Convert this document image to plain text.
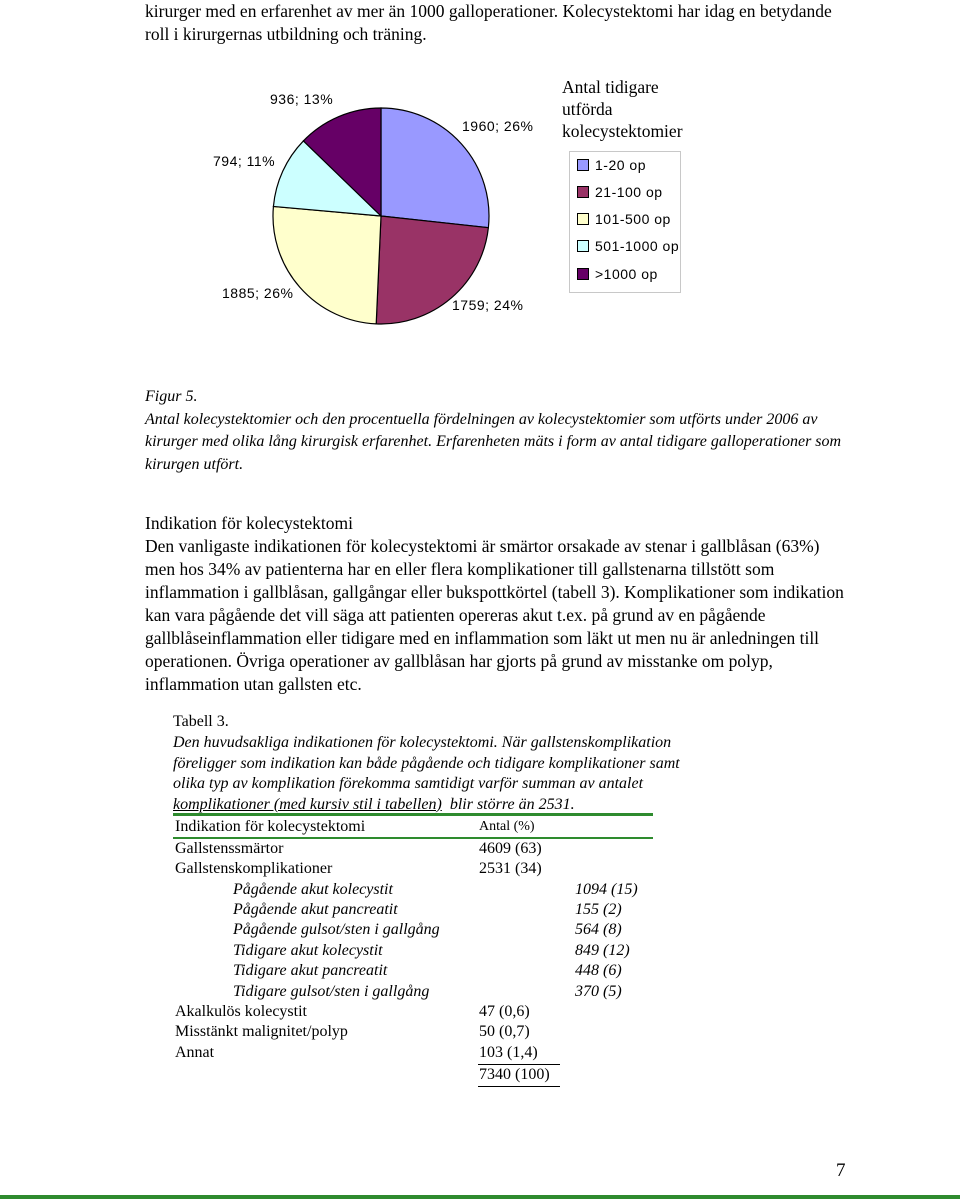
kirurger med en erfarenhet av mer än 1000 galloperationer. Kolecystektomi har idag en betydande roll i kirurgernas utbildning och träning.

1960; 26%
1759; 24%
1885; 26%
794; 11%
936; 13%
Antal tidigare
utförda
kolecystektomier
1-20 op
21-100 op
101-500 op
501-1000 op
>1000 op

Figur 5.
Antal kolecystektomier och den procentuella fördelningen av kolecystektomier som utförts under 2006 av kirurger med olika lång kirurgisk erfarenhet. Erfarenheten mäts i form av antal tidigare galloperationer som kirurgen utfört.

Indikation för kolecystektomi

Den vanligaste indikationen för kolecystektomi är smärtor orsakade av stenar i gallblåsan (63%) men hos 34% av patienterna har en eller flera komplikationer till gallstenarna tillstött som inflammation i gallblåsan, gallgångar eller bukspottkörtel (tabell 3). Komplikationer som indikation kan vara pågående det vill säga att patienten opereras akut t.ex. på grund av en pågående gallblåseinflammation eller tidigare med en inflammation som läkt ut men nu är anledningen till operationen. Övriga operationer av gallblåsan har gjorts på grund av misstanke om polyp, inflammation utan gallsten etc.

Tabell 3.

Den huvudsakliga indikationen för kolecystektomi. När gallstenskomplikation
föreligger som indikation kan både pågående och tidigare komplikationer samt
olika typ av komplikation förekomma samtidigt varför summan av antalet
komplikationer (med kursiv stil i tabellen)  blir större än 2531.

Indikation för kolecystektomi	Antal (%)
Gallstenssmärtor	4609 (63)
Gallstenskomplikationer	2531 (34)
Pågående akut kolecystit	1094 (15)
Pågående akut pancreatit	155 (2)
Pågående gulsot/sten i gallgång	564 (8)
Tidigare akut kolecystit	849 (12)
Tidigare akut pancreatit	448 (6)
Tidigare gulsot/sten i gallgång	370 (5)
Akalkulös kolecystit	47 (0,6)
Misstänkt malignitet/polyp	50 (0,7)
Annat	103 (1,4)
7340 (100)
7
